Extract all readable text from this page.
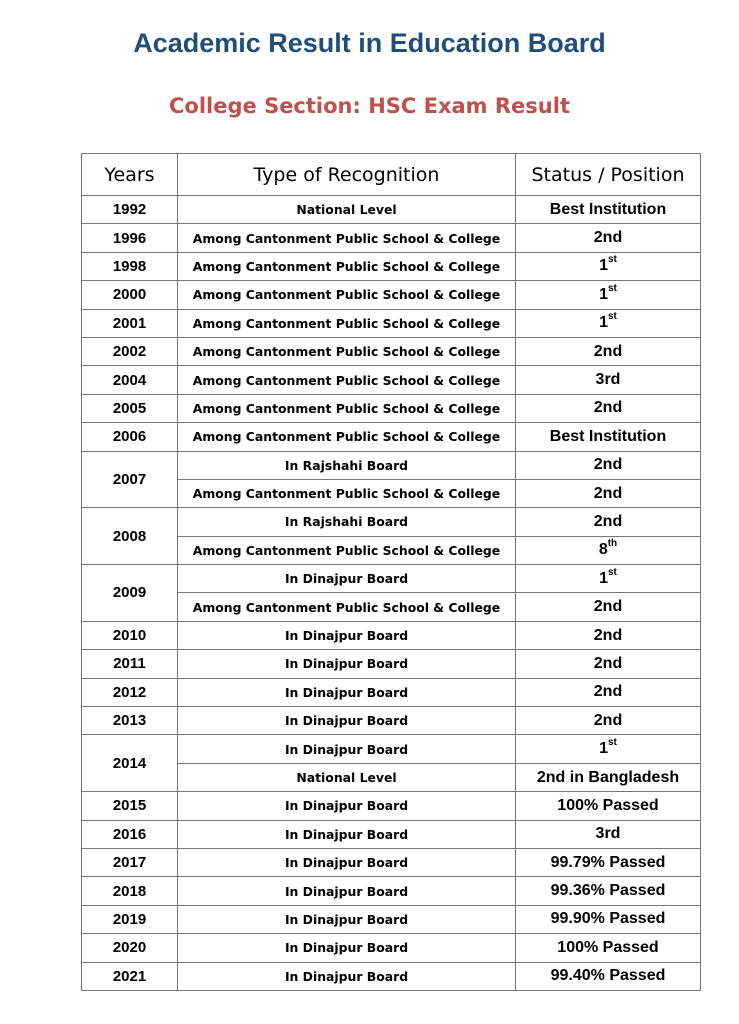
Academic Result in Education Board
College Section: HSC Exam Result
Years	Type of Recognition	Status / Position
1992	National Level	Best Institution
1996	Among Cantonment Public School & College	2nd
1998	Among Cantonment Public School & College	1st
2000	Among Cantonment Public School & College	1st
2001	Among Cantonment Public School & College	1st
2002	Among Cantonment Public School & College	2nd
2004	Among Cantonment Public School & College	3rd
2005	Among Cantonment Public School & College	2nd
2006	Among Cantonment Public School & College	Best Institution
2007	In Rajshahi Board	2nd
	Among Cantonment Public School & College	2nd
2008	In Rajshahi Board	2nd
	Among Cantonment Public School & College	8th
2009	In Dinajpur Board	1st
	Among Cantonment Public School & College	2nd
2010	In Dinajpur Board	2nd
2011	In Dinajpur Board	2nd
2012	In Dinajpur Board	2nd
2013	In Dinajpur Board	2nd
2014	In Dinajpur Board	1st
	National Level	2nd in Bangladesh
2015	In Dinajpur Board	100% Passed
2016	In Dinajpur Board	3rd
2017	In Dinajpur Board	99.79% Passed
2018	In Dinajpur Board	99.36% Passed
2019	In Dinajpur Board	99.90% Passed
2020	In Dinajpur Board	100% Passed
2021	In Dinajpur Board	99.40% Passed
